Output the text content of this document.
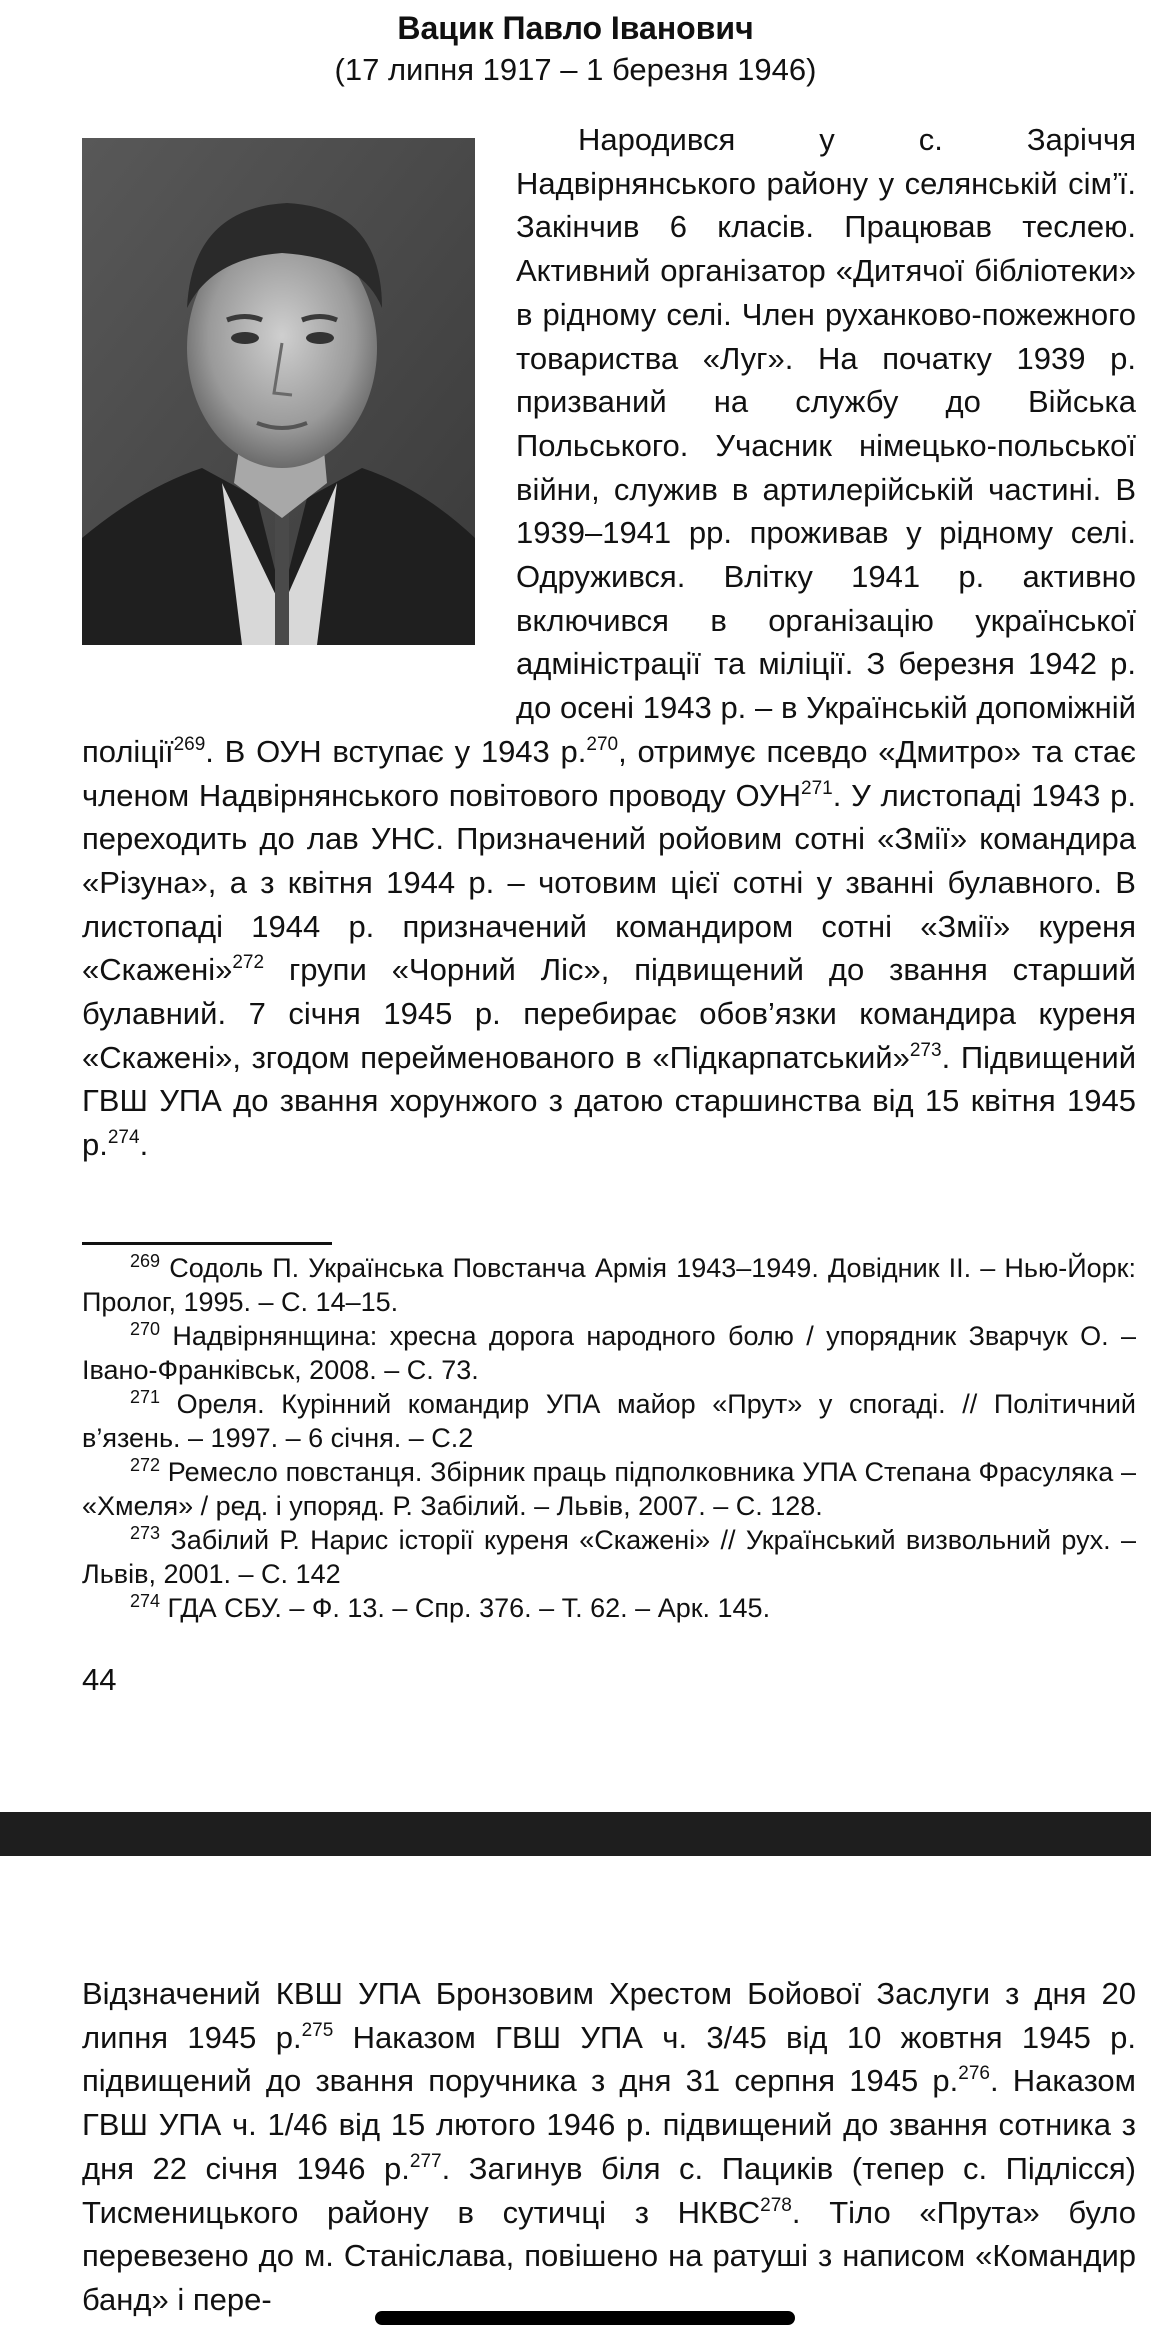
Вацик Павло Іванович
(17 липня 1917 – 1 березня 1946)

Народився у с. Заріччя Надвірнянського району у селянській сім’ї. Закінчив 6 класів. Працював теслею. Активний організатор «Дитячої бібліотеки» в рідному селі. Член руханково-пожежного товариства «Луг». На початку 1939 р. призваний на службу до Війська Польського. Учасник німецько-польської війни, служив в артилерійській частині. В 1939–1941 рр. проживав у рідному селі. Одружився. Влітку 1941 р. активно включився в організацію української адміністрації та міліції. З березня 1942 р. до осені 1943 р. – в Українській допоміжній поліції$^{269}$. В ОУН вступає у 1943 р.$^{270}$, отримує псевдо «Дмитро» та стає членом Надвірнянського повітового проводу ОУН$^{271}$. У листопаді 1943 р. переходить до лав УНС. Призначений ройовим сотні «Змії» командира «Різуна», а з квітня 1944 р. – чотовим цієї сотні у званні булавного. В листопаді 1944 р. призначений командиром сотні «Змії» куреня «Скажені»$^{272}$ групи «Чорний Ліс», підвищений до звання старший булавний. 7 січня 1945 р. перебирає обов’язки командира куреня «Скажені», згодом перейменованого в «Підкарпатський»$^{273}$. Підвищений ГВШ УПА до звання хорунжого з датою старшинства від 15 квітня 1945 р.$^{274}$.

$^{269}$ Содоль П. Українська Повстанча Армія 1943–1949. Довідник ІІ. – Нью-Йорк: Пролог, 1995. – С. 14–15.

$^{270}$ Надвірнянщина: хресна дорога народного болю / упорядник Зварчук О. – Івано-Франківськ, 2008. – С. 73.

$^{271}$ Ореля. Курінний командир УПА майор «Прут» у спогаді. // Політичний в’язень. – 1997. – 6 січня. – С.2

$^{272}$ Ремесло повстанця. Збірник праць підполковника УПА Степана Фрасуляка – «Хмеля» / ред. і упоряд. Р. Забілий. – Львів, 2007. – С. 128.

$^{273}$ Забілий Р. Нарис історії куреня «Скажені» // Український визвольний рух. – Львів, 2001. – С. 142

$^{274}$ ГДА СБУ. – Ф. 13. – Спр. 376. – Т. 62. – Арк. 145.

44

Відзначений КВШ УПА Бронзовим Хрестом Бойової Заслуги з дня 20 липня 1945 р.$^{275}$ Наказом ГВШ УПА ч. 3/45 від 10 жовтня 1945 р. підвищений до звання поручника з дня 31 серпня 1945 р.$^{276}$. Наказом ГВШ УПА ч. 1/46 від 15 лютого 1946 р. підвищений до звання сотника з дня 22 січня 1946 р.$^{277}$. Загинув біля с. Пациків (тепер с. Підлісся) Тисменицького району в сутичці з НКВС$^{278}$. Тіло «Прута» було перевезено до м. Станіслава, повішено на ратуші з написом «Командир банд» і пере-
